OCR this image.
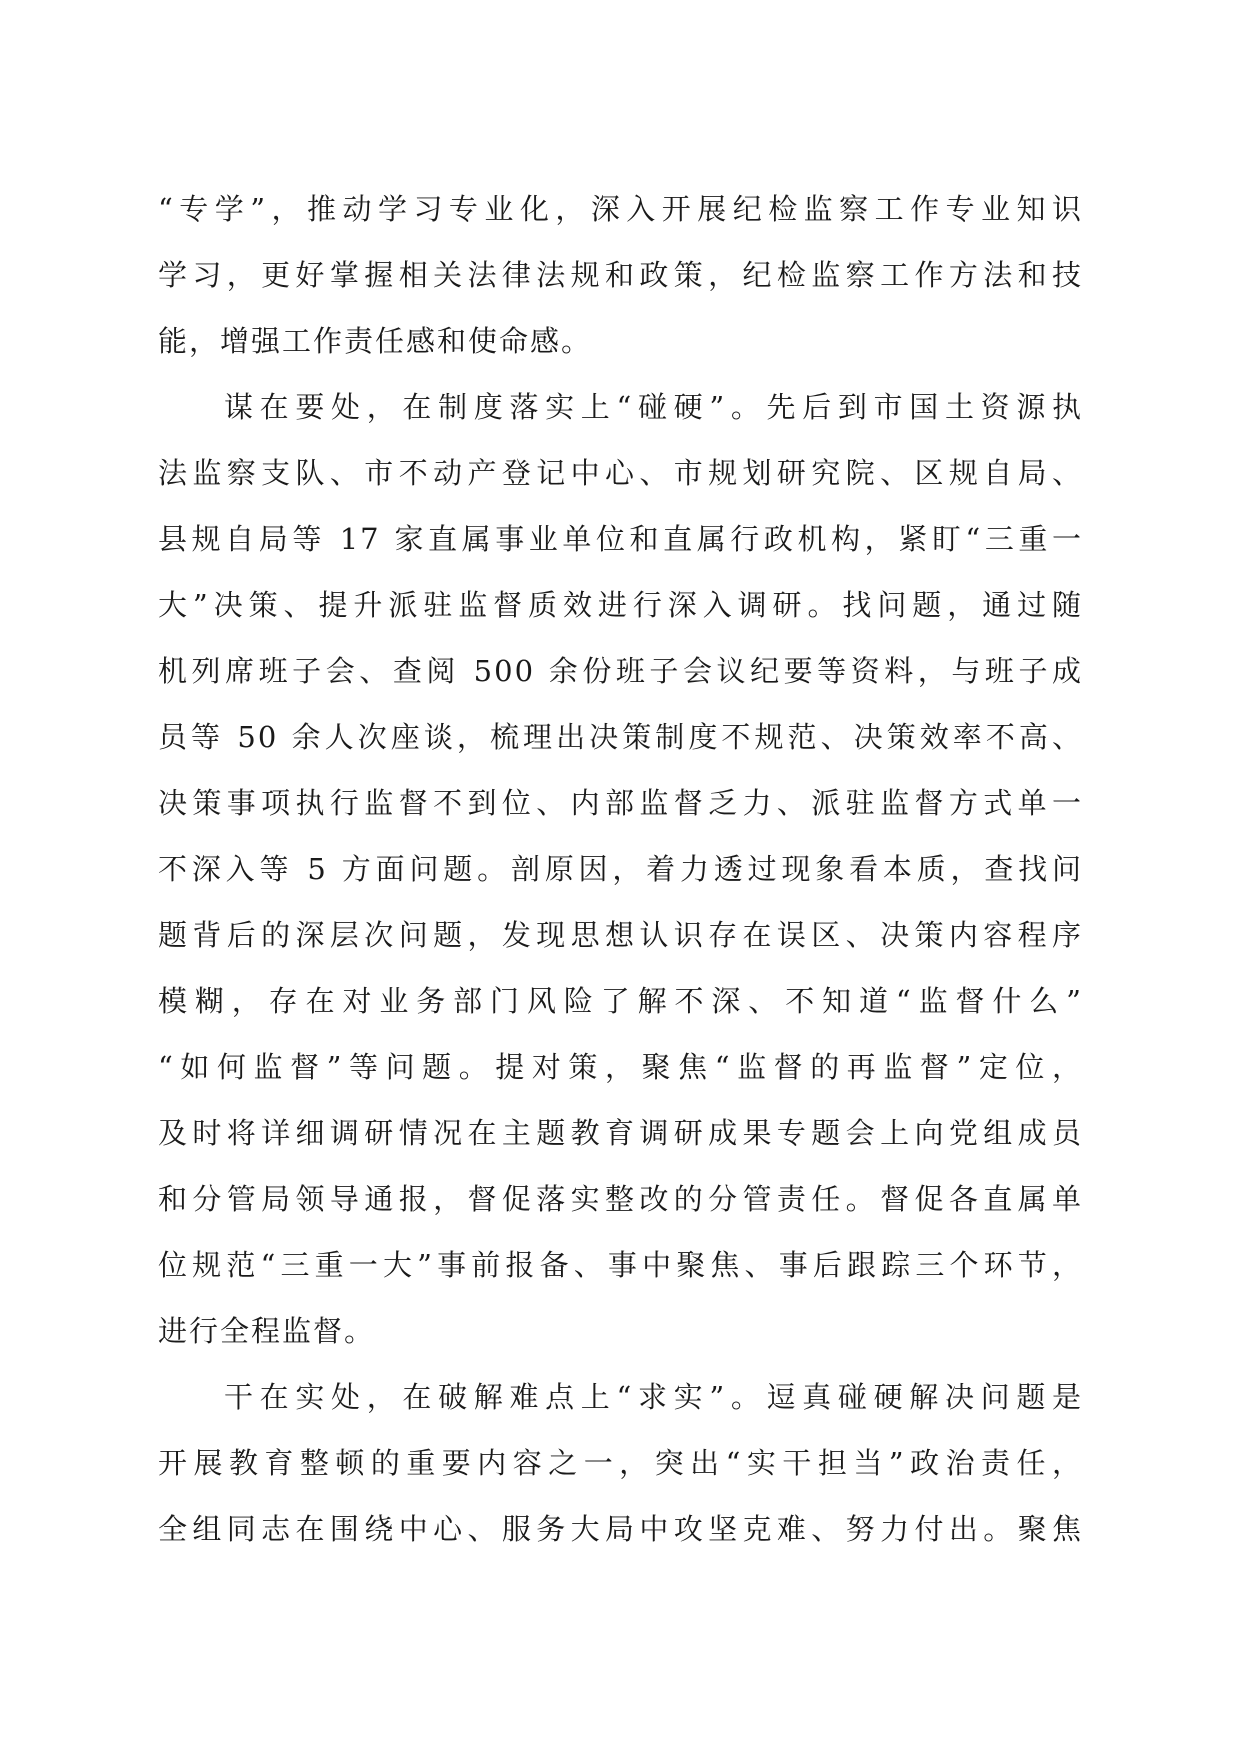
“专学”，推动学习专业化，深入开展纪检监察工作专业知识
学习，更好掌握相关法律法规和政策，纪检监察工作方法和技
能，增强工作责任感和使命感。
谋在要处，在制度落实上“碰硬”。先后到市国土资源执
法监察支队、市不动产登记中心、市规划研究院、区规自局、
县规自局等 17 家直属事业单位和直属行政机构，紧盯“三重一
大”决策、提升派驻监督质效进行深入调研。找问题，通过随
机列席班子会、查阅 500 余份班子会议纪要等资料，与班子成
员等 50 余人次座谈，梳理出决策制度不规范、决策效率不高、
决策事项执行监督不到位、内部监督乏力、派驻监督方式单一
不深入等 5 方面问题。剖原因，着力透过现象看本质，查找问
题背后的深层次问题，发现思想认识存在误区、决策内容程序
模糊，存在对业务部门风险了解不深、不知道“监督什么”
“如何监督”等问题。提对策，聚焦“监督的再监督”定位，
及时将详细调研情况在主题教育调研成果专题会上向党组成员
和分管局领导通报，督促落实整改的分管责任。督促各直属单
位规范“三重一大”事前报备、事中聚焦、事后跟踪三个环节，
进行全程监督。
干在实处，在破解难点上“求实”。逗真碰硬解决问题是
开展教育整顿的重要内容之一，突出“实干担当”政治责任，
全组同志在围绕中心、服务大局中攻坚克难、努力付出。聚焦
